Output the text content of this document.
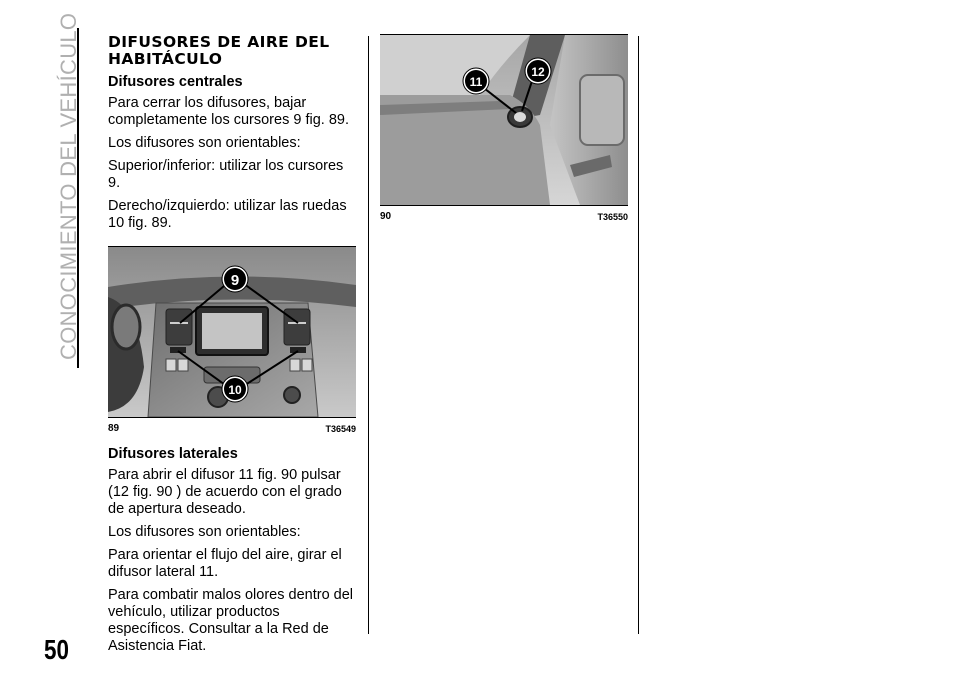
CONOCIMIENTO DEL VEHÍCULO
50
DIFUSORES DE AIRE DEL
HABITÁCULO
Difusores centrales

Para cerrar los difusores, bajar completamente los cursores 9 fig. 89.

Los difusores son orientables:

Superior/inferior: utilizar los cursores 9.

Derecho/izquierdo: utilizar las ruedas 10 fig. 89.

9
10
89	T36549
Difusores laterales

Para abrir el difusor 11 fig. 90 pulsar (12 fig. 90 ) de acuerdo con el grado de apertura deseado.

Los difusores son orientables:

Para orientar el flujo del aire, girar el difusor lateral 11.

Para combatir malos olores dentro del vehículo, utilizar productos específicos. Consultar a la Red de Asistencia Fiat.

11
12
90	T36550
